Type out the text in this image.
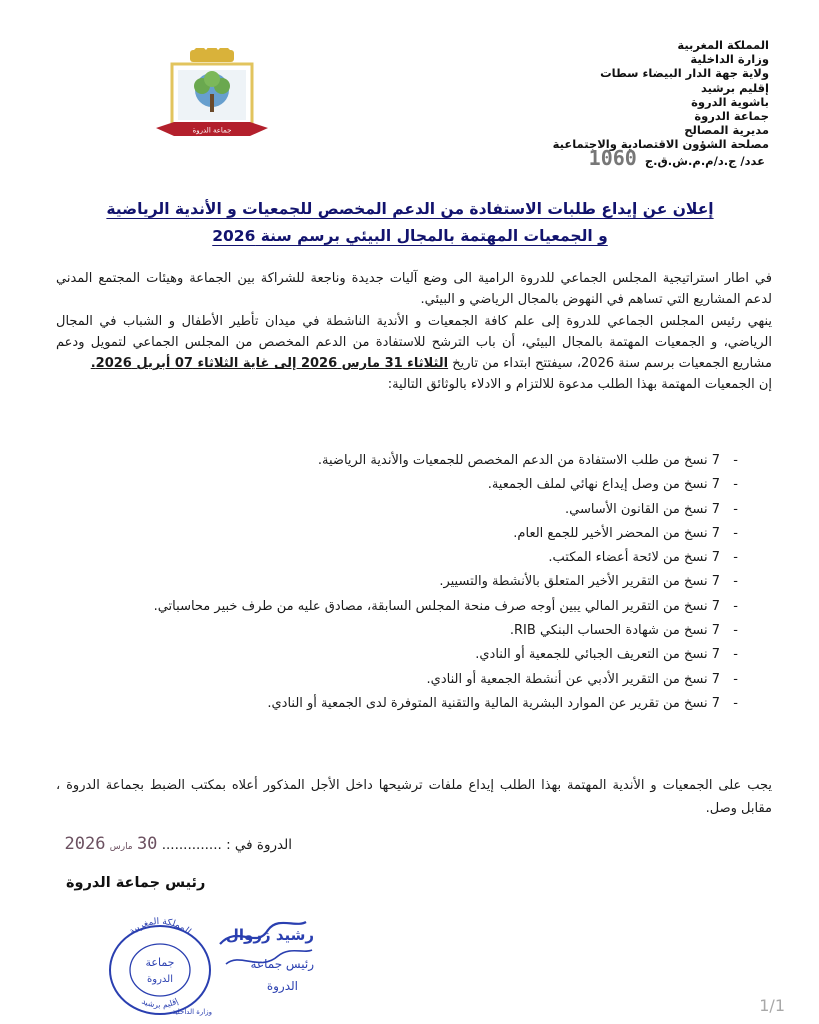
المملكة المغربية
وزارة الداخلية
ولاية جهة الدار البيضاء سطات
إقليم برشيد
باشوية الدروة
جماعة الدروة
مديرية المصالح
مصلحة الشؤون الاقتصادية والاجتماعية
عدد/ ج.د/م.م.ش.ق.ج 1060
جماعة الدروة
إعلان عن إيداع طلبات الاستفادة من الدعم المخصص للجمعيات و الأندية الرياضية
و الجمعيات المهتمة بالمجال البيئي برسم سنة 2026

في اطار استراتيجية المجلس الجماعي للدروة الرامية الى وضع آليات جديدة وناجعة للشراكة بين الجماعة وهيئات المجتمع المدني لدعم المشاريع التي تساهم في النهوض بالمجال الرياضي و البيئي.

ينهي رئيس المجلس الجماعي للدروة إلى علم كافة الجمعيات و الأندية الناشطة في ميدان تأطير الأطفال و الشباب في المجال الرياضي، و الجمعيات المهتمة بالمجال البيئي، أن باب الترشح للاستفادة من الدعم المخصص من المجلس الجماعي لتمويل ودعم مشاريع الجمعيات برسم سنة 2026، سيفتتح ابتداء من تاريخ الثلاثاء 31 مارس 2026 إلى غاية الثلاثاء 07 أبريل 2026.

إن الجمعيات المهتمة بهذا الطلب مدعوة للالتزام و الادلاء بالوثائق التالية:

- 7 نسخ من طلب الاستفادة من الدعم المخصص للجمعيات والأندية الرياضية.
- 7 نسخ من وصل إيداع نهائي لملف الجمعية.
- 7 نسخ من القانون الأساسي.
- 7 نسخ من المحضر الأخير للجمع العام.
- 7 نسخ من لائحة أعضاء المكتب.
- 7 نسخ من التقرير الأخير المتعلق بالأنشطة والتسيير.
- 7 نسخ من التقرير المالي يبين أوجه صرف منحة المجلس السابقة، مصادق عليه من طرف خبير محاسباتي.
- 7 نسخ من شهادة الحساب البنكي RIB.
- 7 نسخ من التعريف الجبائي للجمعية أو النادي.
- 7 نسخ من التقرير الأدبي عن أنشطة الجمعية أو النادي.
- 7 نسخ من تقرير عن الموارد البشرية المالية والتقنية المتوفرة لدى الجمعية أو النادي.
يجب على الجمعيات و الأندية المهتمة بهذا الطلب إيداع ملفات ترشيحها داخل الأجل المذكور أعلاه بمكتب الضبط بجماعة الدروة ، مقابل وصل.
الدروة في : .............. 30 مارس 2026
رئيس جماعة الدروة
المملكة المغربية
إقليم برشيد
جماعة
الدروة
وزارة الداخلية
رشيد زروال
رئيس جماعة
الدروة
1/1
